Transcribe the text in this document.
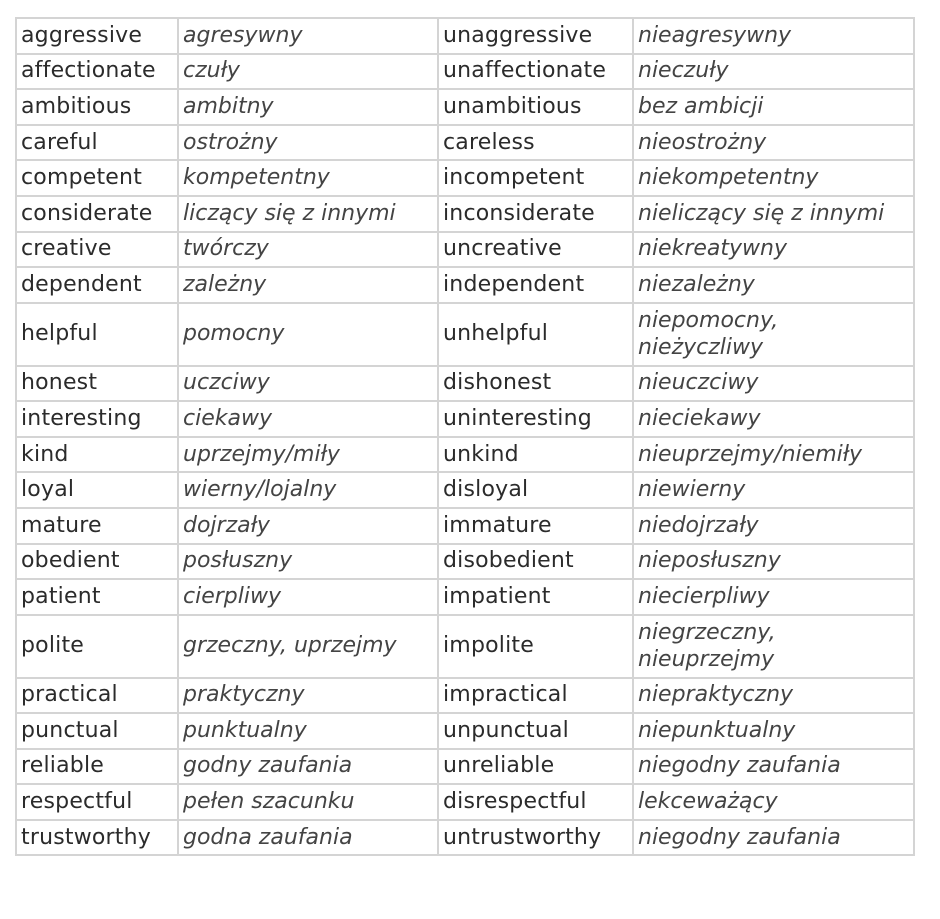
aggressive	agresywny	unaggressive	nieagresywny
affectionate	czuły	unaffectionate	nieczuły
ambitious	ambitny	unambitious	bez ambicji
careful	ostrożny	careless	nieostrożny
competent	kompetentny	incompetent	niekompetentny
considerate	liczący się z innymi	inconsiderate	nieliczący się z innymi
creative	twórczy	uncreative	niekreatywny
dependent	zależny	independent	niezależny
helpful	pomocny	unhelpful	niepomocny, nieżyczliwy
honest	uczciwy	dishonest	nieuczciwy
interesting	ciekawy	uninteresting	nieciekawy
kind	uprzejmy/miły	unkind	nieuprzejmy/niemiły
loyal	wierny/lojalny	disloyal	niewierny
mature	dojrzały	immature	niedojrzały
obedient	posłuszny	disobedient	nieposłuszny
patient	cierpliwy	impatient	niecierpliwy
polite	grzeczny, uprzejmy	impolite	niegrzeczny, nieuprzejmy
practical	praktyczny	impractical	niepraktyczny
punctual	punktualny	unpunctual	niepunktualny
reliable	godny zaufania	unreliable	niegodny zaufania
respectful	pełen szacunku	disrespectful	lekceważący
trustworthy	godna zaufania	untrustworthy	niegodny zaufania
